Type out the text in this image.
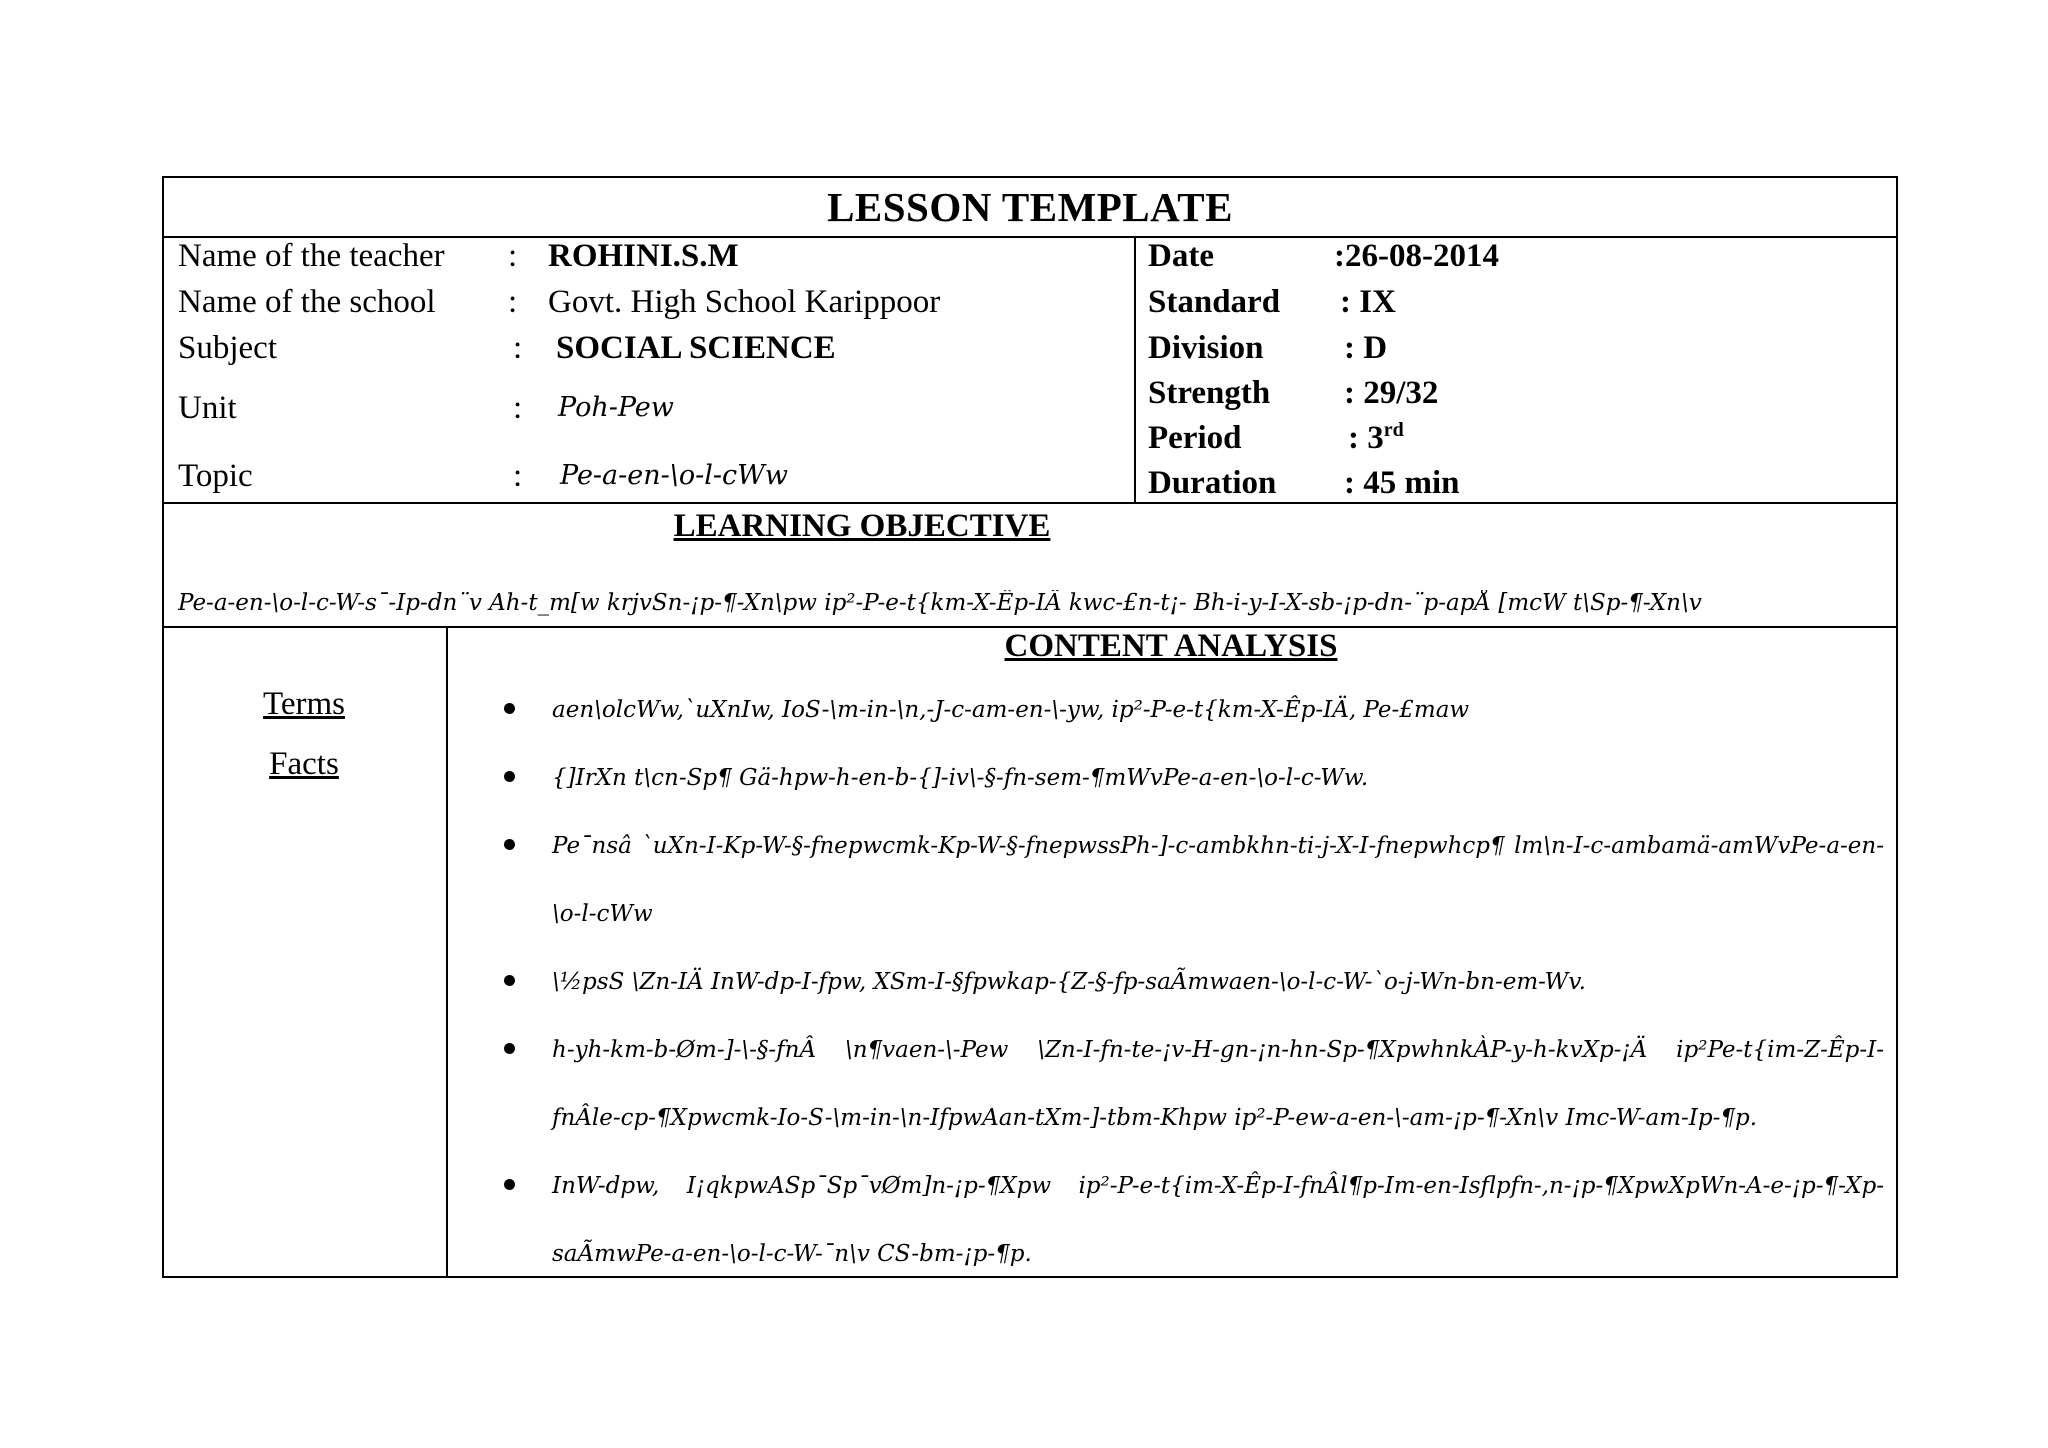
LESSON TEMPLATE
Name of the teacher : ROHINI.S.M
Name of the school : Govt. High School Karippoor
Subject	: SOCIAL SCIENCE
Unit	: Poh-Pew
Topic	: Pe-a-en-\o-l-cWw
Date	:26-08-2014
Standard : IX
Division : D
Strength : 29/32
Period	: 3rd
Duration : 45 min
LEARNING OBJECTIVE
Pe-a-en-\o-l-c-W-s¯-Ip-dn¨v Ah-t_m[w krjvSn-¡p-¶-Xn\pw ip²-P-e-t{km-X-Êp-IÄ kwc-£n-t¡- Bh-i-y-I-X-sb-¡p-dn-¨p-apÅ [mcW t\Sp-¶-Xn\v
Terms
Facts
CONTENT ANALYSIS
aen\olcWw,`uXnIw, IoS-\m-in-\n,-J-c-am-en-\-yw, ip²-P-e-t{km-X-Êp-IÄ, Pe-£maw
{]IrXn t\cn-Sp¶ Gä-hpw-h-en-b-{]-iv\-§-fn-sem-¶mWvPe-a-en-\o-l-c-Ww.
Pe¯nsâ `uXn-I-Kp-W-§-fnepwcmk-Kp-W-§-fnepwssPh-]-c-ambkhn-ti-j-X-I-fnepwhcp¶ lm\n-I-c-ambamä-amWvPe-a-en-\o-l-cWw
\½psS \Zn-IÄ InW-dp-I-fpw, XSm-I-§fpwkap-{Z-§-fp-saÃmwaen-\o-l-c-W-`o-j-Wn-bn-em-Wv.
h-yh-km-b-Øm-]-\-§-fnÂ \n¶vaen-\-Pew \Zn-I-fn-te-¡v-H-gn-¡n-hn-Sp-¶XpwhnkÀP-y-h-kvXp-¡Ä ip²Pe-t{im-Z-Êp-I-fnÂle-cp-¶Xpwcmk-Io-S-\m-in-\n-IfpwAan-tXm-]-tbm-Khpw ip²-P-ew-a-en-\-am-¡p-¶-Xn\v Imc-W-am-Ip-¶p.
InW-dpw, I¡qkpwASp¯Sp¯vØm]n-¡p-¶Xpw ip²-P-e-t{im-X-Êp-I-fnÂl¶p-Im-en-Isflpfn-,n-¡p-¶XpwXpWn-A-e-¡p-¶-Xp-saÃmwPe-a-en-\o-l-c-W-¯n\v CS-bm-¡p-¶p.
